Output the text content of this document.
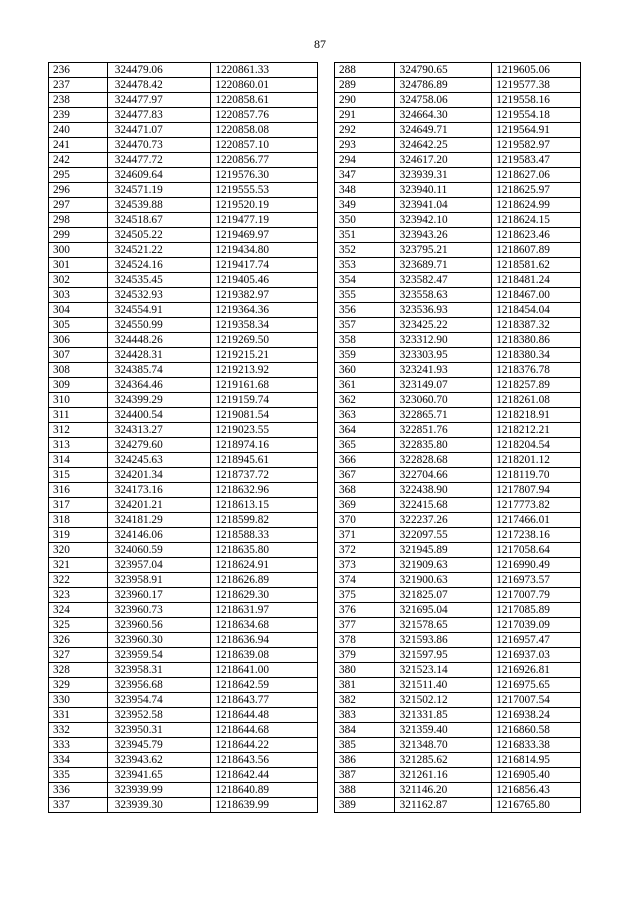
87
236	324479.06	1220861.33
237	324478.42	1220860.01
238	324477.97	1220858.61
239	324477.83	1220857.76
240	324471.07	1220858.08
241	324470.73	1220857.10
242	324477.72	1220856.77
295	324609.64	1219576.30
296	324571.19	1219555.53
297	324539.88	1219520.19
298	324518.67	1219477.19
299	324505.22	1219469.97
300	324521.22	1219434.80
301	324524.16	1219417.74
302	324535.45	1219405.46
303	324532.93	1219382.97
304	324554.91	1219364.36
305	324550.99	1219358.34
306	324448.26	1219269.50
307	324428.31	1219215.21
308	324385.74	1219213.92
309	324364.46	1219161.68
310	324399.29	1219159.74
311	324400.54	1219081.54
312	324313.27	1219023.55
313	324279.60	1218974.16
314	324245.63	1218945.61
315	324201.34	1218737.72
316	324173.16	1218632.96
317	324201.21	1218613.15
318	324181.29	1218599.82
319	324146.06	1218588.33
320	324060.59	1218635.80
321	323957.04	1218624.91
322	323958.91	1218626.89
323	323960.17	1218629.30
324	323960.73	1218631.97
325	323960.56	1218634.68
326	323960.30	1218636.94
327	323959.54	1218639.08
328	323958.31	1218641.00
329	323956.68	1218642.59
330	323954.74	1218643.77
331	323952.58	1218644.48
332	323950.31	1218644.68
333	323945.79	1218644.22
334	323943.62	1218643.56
335	323941.65	1218642.44
336	323939.99	1218640.89
337	323939.30	1218639.99
288	324790.65	1219605.06
289	324786.89	1219577.38
290	324758.06	1219558.16
291	324664.30	1219554.18
292	324649.71	1219564.91
293	324642.25	1219582.97
294	324617.20	1219583.47
347	323939.31	1218627.06
348	323940.11	1218625.97
349	323941.04	1218624.99
350	323942.10	1218624.15
351	323943.26	1218623.46
352	323795.21	1218607.89
353	323689.71	1218581.62
354	323582.47	1218481.24
355	323558.63	1218467.00
356	323536.93	1218454.04
357	323425.22	1218387.32
358	323312.90	1218380.86
359	323303.95	1218380.34
360	323241.93	1218376.78
361	323149.07	1218257.89
362	323060.70	1218261.08
363	322865.71	1218218.91
364	322851.76	1218212.21
365	322835.80	1218204.54
366	322828.68	1218201.12
367	322704.66	1218119.70
368	322438.90	1217807.94
369	322415.68	1217773.82
370	322237.26	1217466.01
371	322097.55	1217238.16
372	321945.89	1217058.64
373	321909.63	1216990.49
374	321900.63	1216973.57
375	321825.07	1217007.79
376	321695.04	1217085.89
377	321578.65	1217039.09
378	321593.86	1216957.47
379	321597.95	1216937.03
380	321523.14	1216926.81
381	321511.40	1216975.65
382	321502.12	1217007.54
383	321331.85	1216938.24
384	321359.40	1216860.58
385	321348.70	1216833.38
386	321285.62	1216814.95
387	321261.16	1216905.40
388	321146.20	1216856.43
389	321162.87	1216765.80
